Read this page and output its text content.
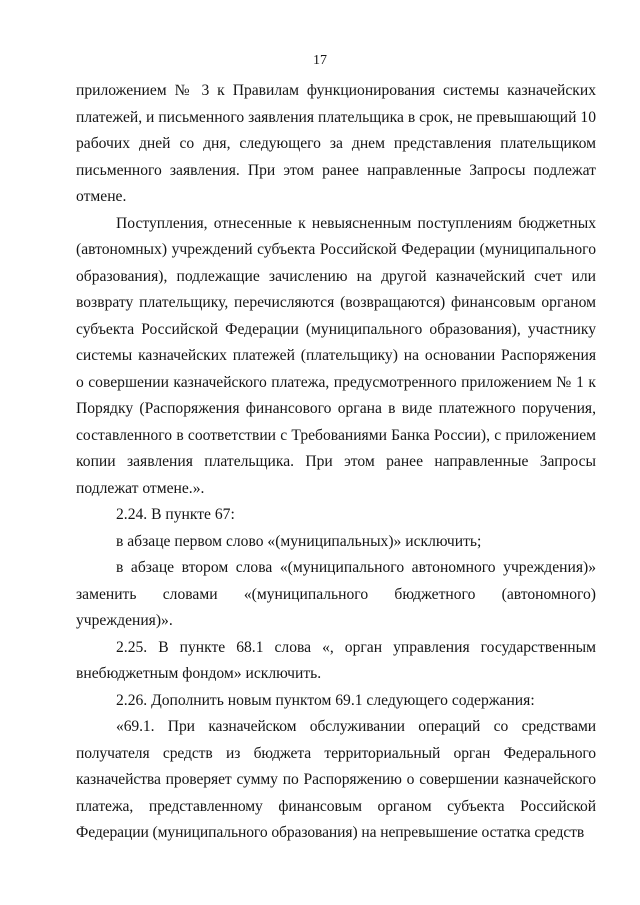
17

приложением № 3 к Правилам функционирования системы казначейских платежей, и письменного заявления плательщика в срок, не превышающий 10 рабочих дней со дня, следующего за днем представления плательщиком письменного заявления. При этом ранее направленные Запросы подлежат отмене.

Поступления, отнесенные к невыясненным поступлениям бюджетных (автономных) учреждений субъекта Российской Федерации (муниципального образования), подлежащие зачислению на другой казначейский счет или возврату плательщику, перечисляются (возвращаются) финансовым органом субъекта Российской Федерации (муниципального образования), участнику системы казначейских платежей (плательщику) на основании Распоряжения о совершении казначейского платежа, предусмотренного приложением № 1 к Порядку (Распоряжения финансового органа в виде платежного поручения, составленного в соответствии с Требованиями Банка России), с приложением копии заявления плательщика. При этом ранее направленные Запросы подлежат отмене.».

2.24. В пункте 67:

в абзаце первом слово «(муниципальных)» исключить;

в абзаце втором слова «(муниципального автономного учреждения)» заменить словами «(муниципального бюджетного (автономного) учреждения)».

2.25. В пункте 68.1 слова «, орган управления государственным внебюджетным фондом» исключить.

2.26. Дополнить новым пунктом 69.1 следующего содержания:

«69.1. При казначейском обслуживании операций со средствами получателя средств из бюджета территориальный орган Федерального казначейства проверяет сумму по Распоряжению о совершении казначейского платежа, представленному финансовым органом субъекта Российской Федерации (муниципального образования) на непревышение остатка средств
